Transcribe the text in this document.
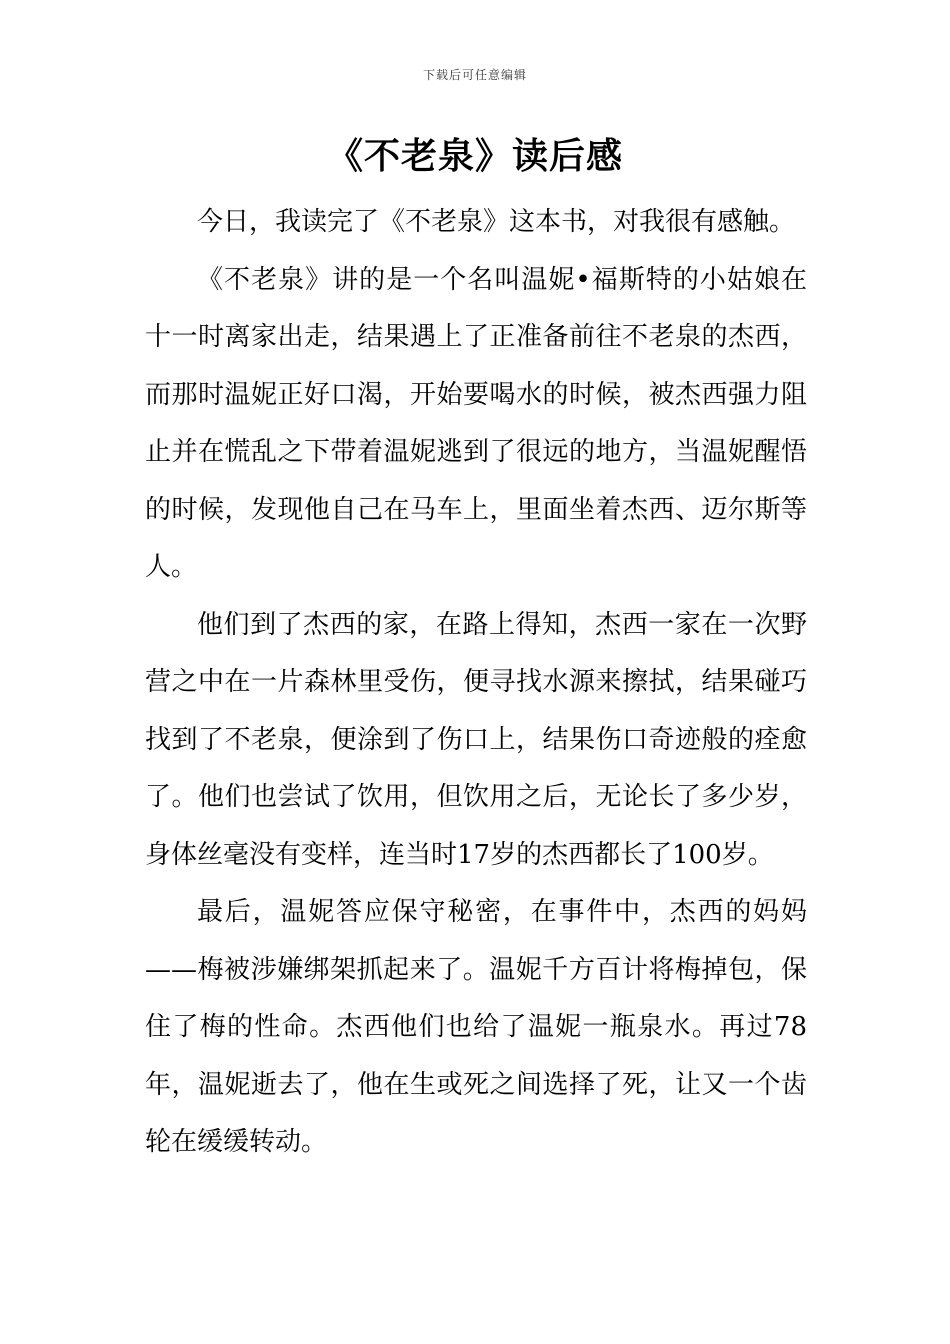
下载后可任意编辑
《不老泉》读后感

今日，我读完了《不老泉》这本书，对我很有感触。

《不老泉》讲的是一个名叫温妮•福斯特的小姑娘在十一时离家出走，结果遇上了正准备前往不老泉的杰西，而那时温妮正好口渴，开始要喝水的时候，被杰西强力阻止并在慌乱之下带着温妮逃到了很远的地方，当温妮醒悟的时候，发现他自己在马车上，里面坐着杰西、迈尔斯等人。

他们到了杰西的家，在路上得知，杰西一家在一次野营之中在一片森林里受伤，便寻找水源来擦拭，结果碰巧找到了不老泉，便涂到了伤口上，结果伤口奇迹般的痊愈了。他们也尝试了饮用，但饮用之后，无论长了多少岁，身体丝毫没有变样，连当时17岁的杰西都长了100岁。

最后，温妮答应保守秘密，在事件中，杰西的妈妈——梅被涉嫌绑架抓起来了。温妮千方百计将梅掉包，保住了梅的性命。杰西他们也给了温妮一瓶泉水。再过78年，温妮逝去了，他在生或死之间选择了死，让又一个齿轮在缓缓转动。
